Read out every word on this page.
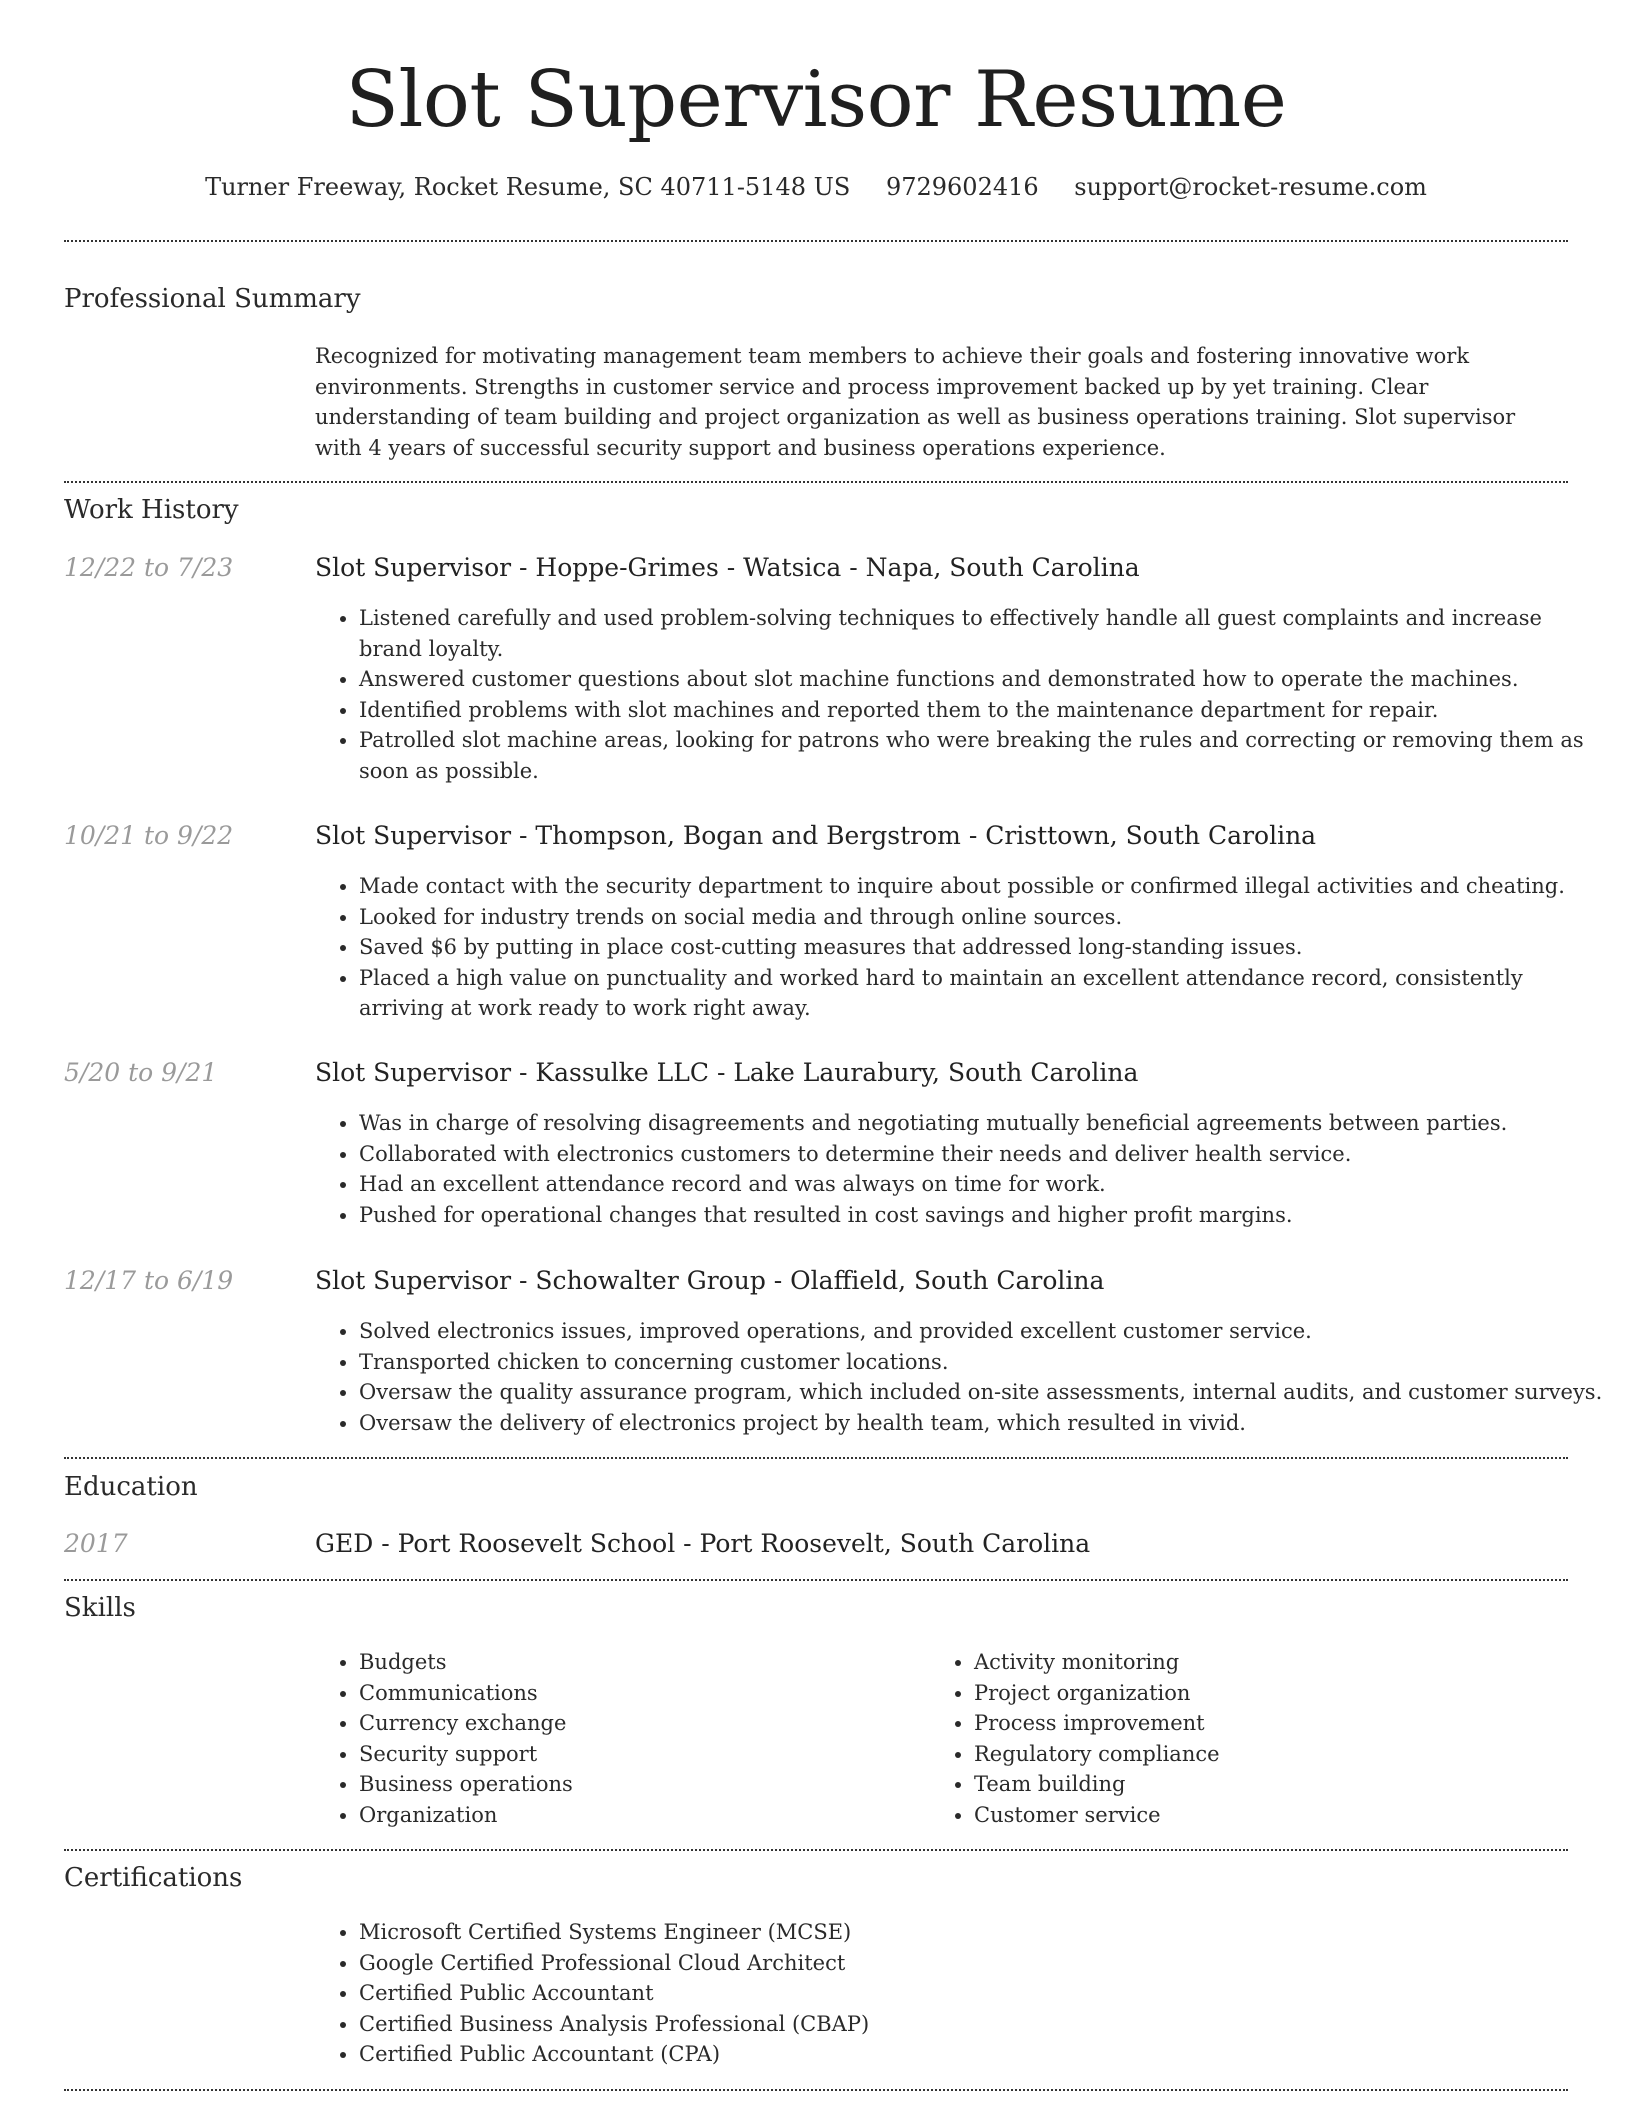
Slot Supervisor Resume
Turner Freeway, Rocket Resume, SC 40711-5148 US 9729602416 support@rocket-resume.com
Professional Summary
Recognized for motivating management team members to achieve their goals and fostering innovative work environments. Strengths in customer service and process improvement backed up by yet training. Clear understanding of team building and project organization as well as business operations training. Slot supervisor with 4 years of successful security support and business operations experience.
Work History
12/22 to 7/23	Slot Supervisor - Hoppe-Grimes - Watsica - Napa, South Carolina
• Listened carefully and used problem-solving techniques to effectively handle all guest complaints and increase brand loyalty.
• Answered customer questions about slot machine functions and demonstrated how to operate the machines.
• Identified problems with slot machines and reported them to the maintenance department for repair.
• Patrolled slot machine areas, looking for patrons who were breaking the rules and correcting or removing them as soon as possible.
10/21 to 9/22	Slot Supervisor - Thompson, Bogan and Bergstrom - Cristtown, South Carolina
• Made contact with the security department to inquire about possible or confirmed illegal activities and cheating.
• Looked for industry trends on social media and through online sources.
• Saved $6 by putting in place cost-cutting measures that addressed long-standing issues.
• Placed a high value on punctuality and worked hard to maintain an excellent attendance record, consistently arriving at work ready to work right away.
5/20 to 9/21	Slot Supervisor - Kassulke LLC - Lake Laurabury, South Carolina
• Was in charge of resolving disagreements and negotiating mutually beneficial agreements between parties.
• Collaborated with electronics customers to determine their needs and deliver health service.
• Had an excellent attendance record and was always on time for work.
• Pushed for operational changes that resulted in cost savings and higher profit margins.
12/17 to 6/19	Slot Supervisor - Schowalter Group - Olaffield, South Carolina
• Solved electronics issues, improved operations, and provided excellent customer service.
• Transported chicken to concerning customer locations.
• Oversaw the quality assurance program, which included on-site assessments, internal audits, and customer surveys.
• Oversaw the delivery of electronics project by health team, which resulted in vivid.
Education
2017	GED - Port Roosevelt School - Port Roosevelt, South Carolina
Skills
• Budgets
• Communications
• Currency exchange
• Security support
• Business operations
• Organization
• Activity monitoring
• Project organization
• Process improvement
• Regulatory compliance
• Team building
• Customer service
Certifications
• Microsoft Certified Systems Engineer (MCSE)
• Google Certified Professional Cloud Architect
• Certified Public Accountant
• Certified Business Analysis Professional (CBAP)
• Certified Public Accountant (CPA)
